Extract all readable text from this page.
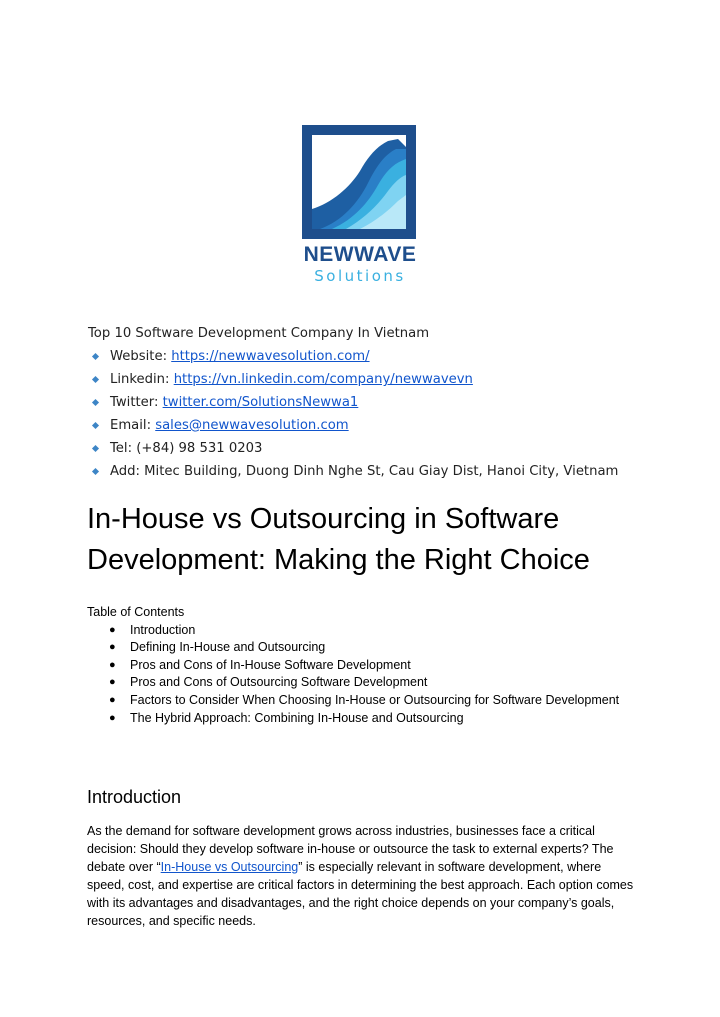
NEWWAVE
Solutions
Top 10 Software Development Company In Vietnam
Website: https://newwavesolution.com/
Linkedin: https://vn.linkedin.com/company/newwavevn
Twitter: twitter.com/SolutionsNewwa1
Email: sales@newwavesolution.com
Tel: (+84) 98 531 0203
Add: Mitec Building, Duong Dinh Nghe St, Cau Giay Dist, Hanoi City, Vietnam
In-House vs Outsourcing in Software Development: Making the Right Choice
Table of Contents
● Introduction
● Defining In-House and Outsourcing
● Pros and Cons of In-House Software Development
● Pros and Cons of Outsourcing Software Development
● Factors to Consider When Choosing In-House or Outsourcing for Software Development
● The Hybrid Approach: Combining In-House and Outsourcing
Introduction

As the demand for software development grows across industries, businesses face a critical decision: Should they develop software in-house or outsource the task to external experts? The debate over “In-House vs Outsourcing” is especially relevant in software development, where speed, cost, and expertise are critical factors in determining the best approach. Each option comes with its advantages and disadvantages, and the right choice depends on your company’s goals, resources, and specific needs.
